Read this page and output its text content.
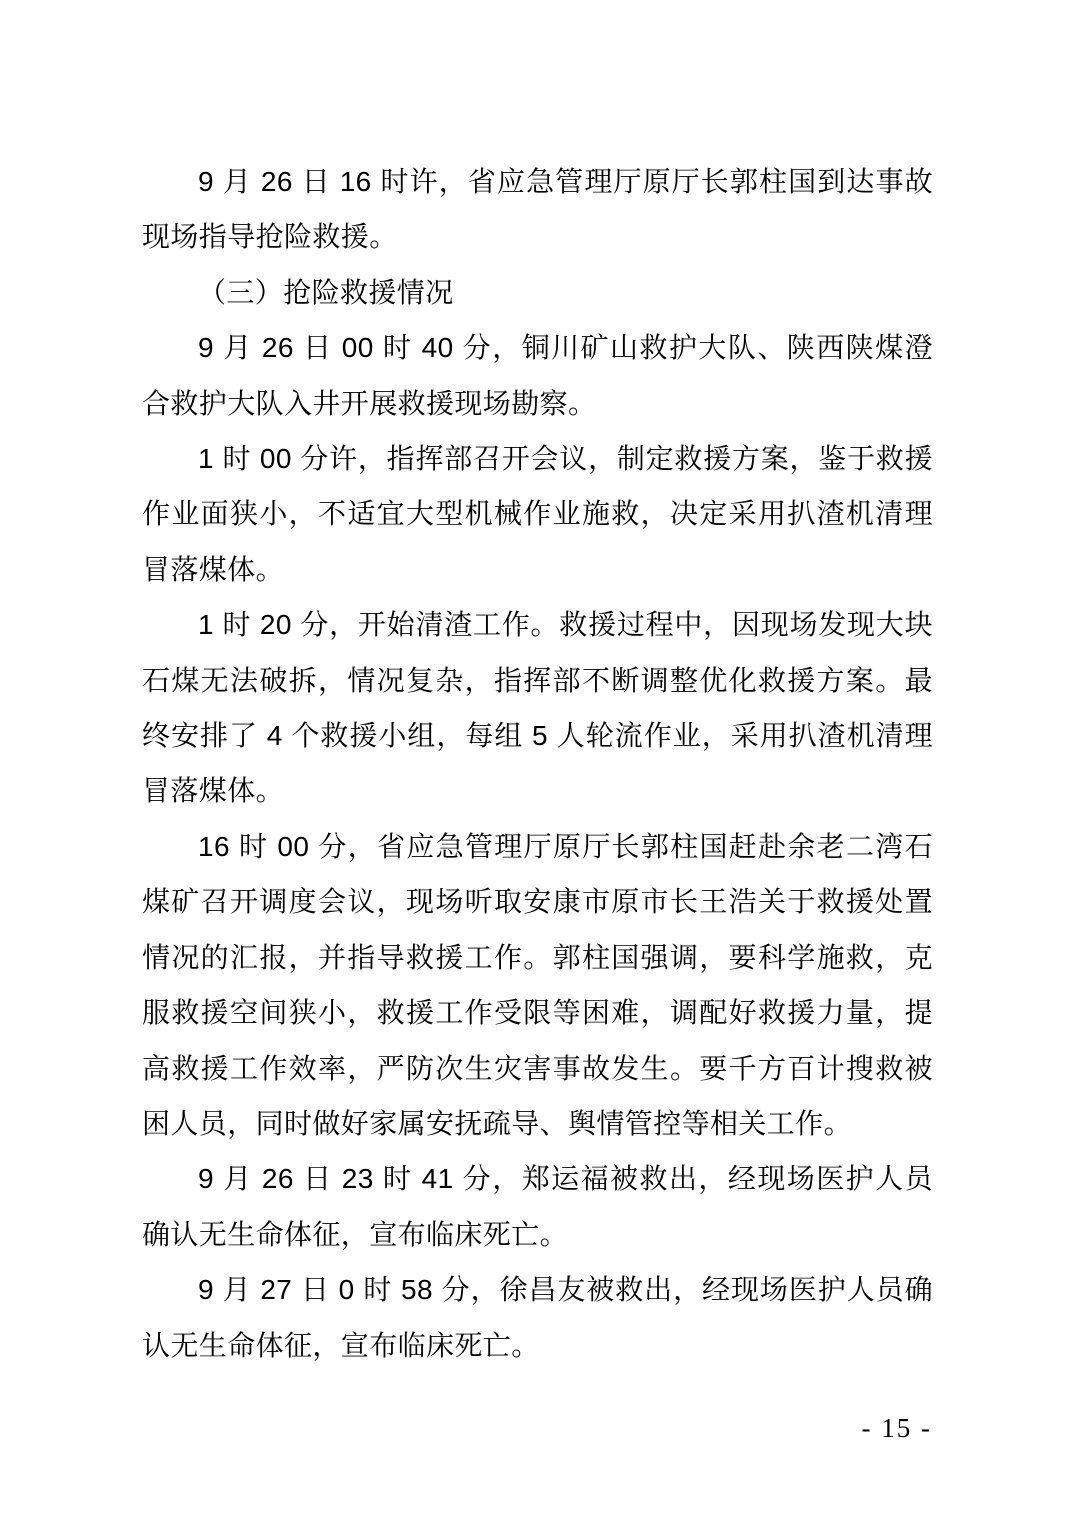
9 月 26 日 16 时许，省应急管理厅原厅长郭柱国到达事故现场指导抢险救援。

（三）抢险救援情况

9 月 26 日 00 时 40 分，铜川矿山救护大队、陕西陕煤澄合救护大队入井开展救援现场勘察。

1 时 00 分许，指挥部召开会议，制定救援方案，鉴于救援作业面狭小，不适宜大型机械作业施救，决定采用扒渣机清理冒落煤体。

1 时 20 分，开始清渣工作。救援过程中，因现场发现大块石煤无法破拆，情况复杂，指挥部不断调整优化救援方案。最终安排了 4 个救援小组，每组 5 人轮流作业，采用扒渣机清理冒落煤体。

16 时 00 分，省应急管理厅原厅长郭柱国赶赴余老二湾石煤矿召开调度会议，现场听取安康市原市长王浩关于救援处置情况的汇报，并指导救援工作。郭柱国强调，要科学施救，克服救援空间狭小，救援工作受限等困难，调配好救援力量，提高救援工作效率，严防次生灾害事故发生。要千方百计搜救被困人员，同时做好家属安抚疏导、舆情管控等相关工作。

9 月 26 日 23 时 41 分，郑运福被救出，经现场医护人员确认无生命体征，宣布临床死亡。

9 月 27 日 0 时 58 分，徐昌友被救出，经现场医护人员确认无生命体征，宣布临床死亡。

- 15 -
